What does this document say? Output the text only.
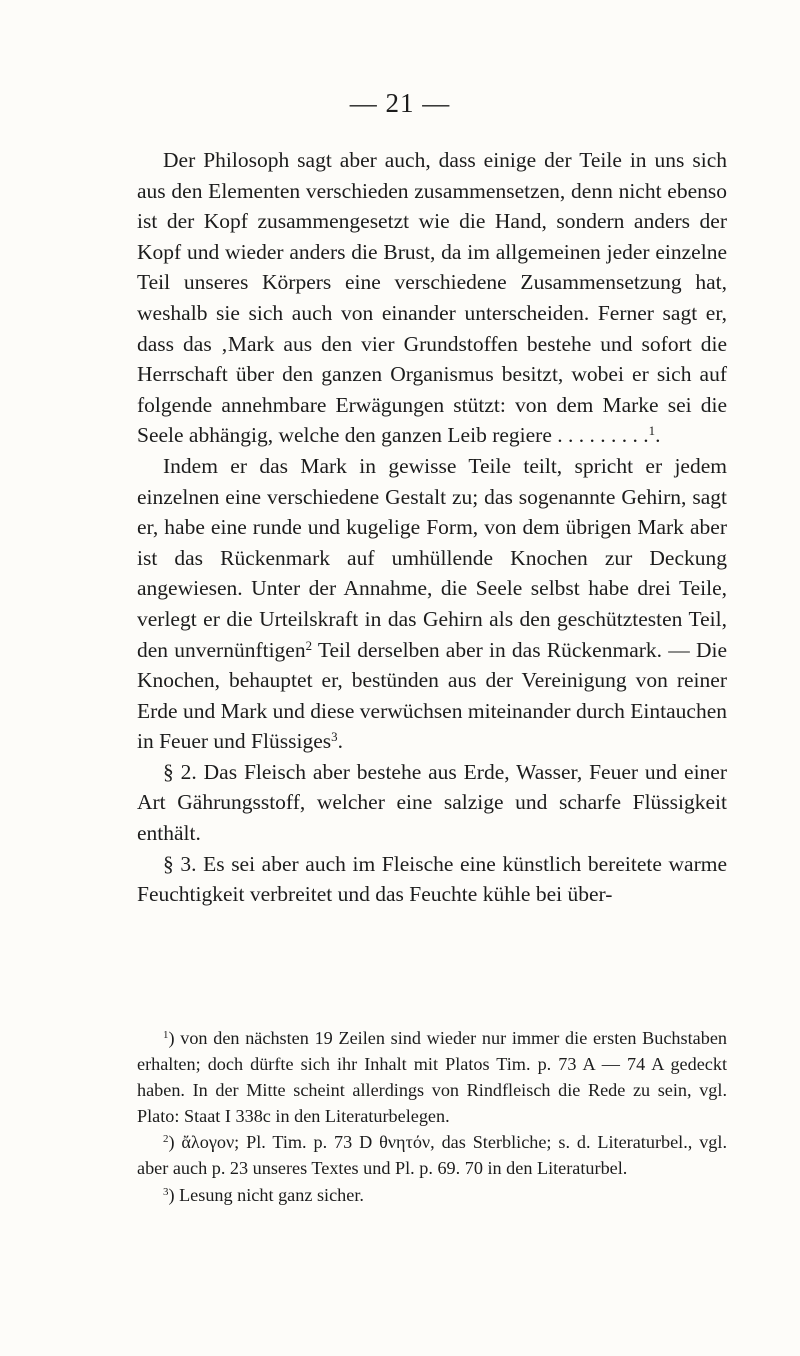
— 21 —

Der Philosoph sagt aber auch, dass einige der Teile in uns sich aus den Elementen verschieden zusammensetzen, denn nicht ebenso ist der Kopf zusammengesetzt wie die Hand, sondern anders der Kopf und wieder anders die Brust, da im allgemeinen jeder einzelne Teil unseres Körpers eine verschiedene Zusammensetzung hat, weshalb sie sich auch von einander unterscheiden. Ferner sagt er, dass das ‚Mark aus den vier Grundstoffen bestehe und sofort die Herrschaft über den ganzen Organismus besitzt, wobei er sich auf folgende annehmbare Erwägungen stützt: von dem Marke sei die Seele abhängig, welche den ganzen Leib regiere . . . . . . . . .$^1$.

Indem er das Mark in gewisse Teile teilt, spricht er jedem einzelnen eine verschiedene Gestalt zu; das sogenannte Gehirn, sagt er, habe eine runde und kugelige Form, von dem übrigen Mark aber ist das Rückenmark auf umhüllende Knochen zur Deckung angewiesen. Unter der Annahme, die Seele selbst habe drei Teile, verlegt er die Urteilskraft in das Gehirn als den geschütztesten Teil, den unvernünftigen$^2$ Teil derselben aber in das Rückenmark. — Die Knochen, behauptet er, bestünden aus der Vereinigung von reiner Erde und Mark und diese verwüchsen miteinander durch Eintauchen in Feuer und Flüssiges$^3$.

§ 2. Das Fleisch aber bestehe aus Erde, Wasser, Feuer und einer Art Gährungsstoff, welcher eine salzige und scharfe Flüssigkeit enthält.

§ 3. Es sei aber auch im Fleische eine künstlich bereitete warme Feuchtigkeit verbreitet und das Feuchte kühle bei über-

$^1$) von den nächsten 19 Zeilen sind wieder nur immer die ersten Buchstaben erhalten; doch dürfte sich ihr Inhalt mit Platos Tim. p. 73 A — 74 A gedeckt haben. In der Mitte scheint allerdings von Rindfleisch die Rede zu sein, vgl. Plato: Staat I 338c in den Literaturbelegen.

$^2$) ἄλογον; Pl. Tim. p. 73 D θνητόν, das Sterbliche; s. d. Literaturbel., vgl. aber auch p. 23 unseres Textes und Pl. p. 69. 70 in den Literaturbel.

$^3$) Lesung nicht ganz sicher.
